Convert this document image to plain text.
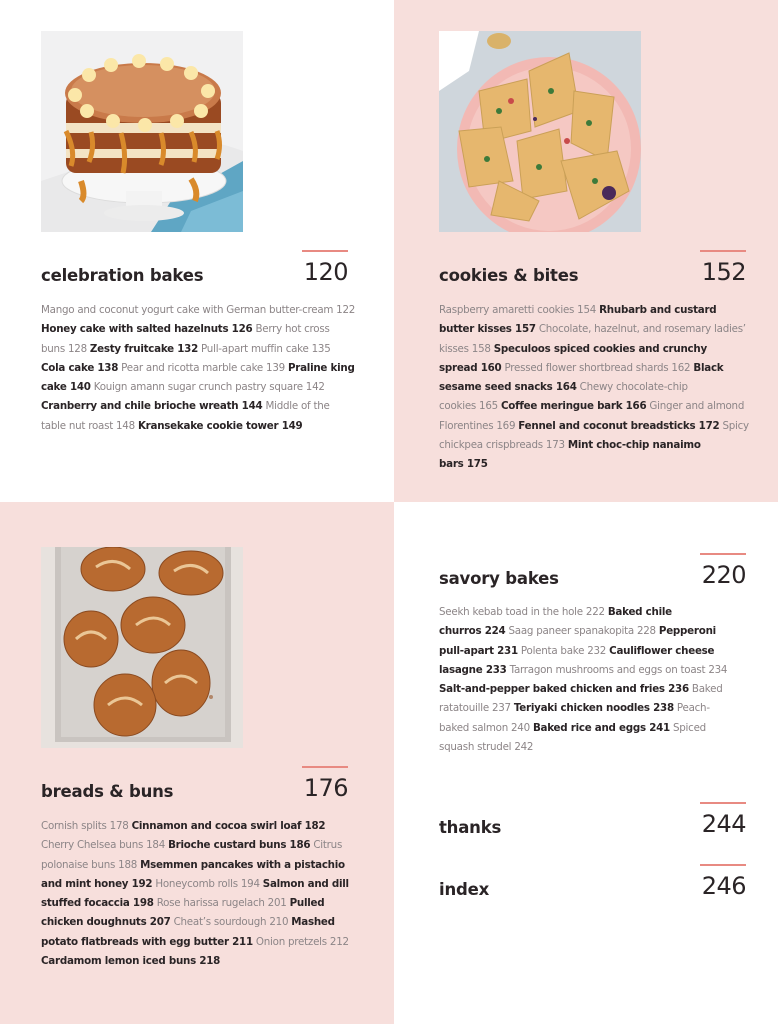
celebration bakes	120
Mango and coconut yogurt cake with German butter-cream 122 Honey cake with salted hazelnuts 126 Berry hot cross buns 128 Zesty fruitcake 132 Pull-apart muffin cake 135 Cola cake 138 Pear and ricotta marble cake 139 Praline king cake 140 Kouign amann sugar crunch pastry square 142 Cranberry and chile brioche wreath 144 Middle of the table nut roast 148 Kransekake cookie tower 149
cookies & bites	152
Raspberry amaretti cookies 154 Rhubarb and custard butter kisses 157 Chocolate, hazelnut, and rosemary ladies’ kisses 158 Speculoos spiced cookies and crunchy spread 160 Pressed flower shortbread shards 162 Black sesame seed snacks 164 Chewy chocolate-chip cookies 165 Coffee meringue bark 166 Ginger and almond Florentines 169 Fennel and coconut breadsticks 172 Spicy chickpea crispbreads 173 Mint choc-chip nanaimo bars 175
breads & buns	176
Cornish splits 178 Cinnamon and cocoa swirl loaf 182 Cherry Chelsea buns 184 Brioche custard buns 186 Citrus polonaise buns 188 Msemmen pancakes with a pistachio and mint honey 192 Honeycomb rolls 194 Salmon and dill stuffed focaccia 198 Rose harissa rugelach 201 Pulled chicken doughnuts 207 Cheat’s sourdough 210 Mashed potato flatbreads with egg butter 211 Onion pretzels 212 Cardamom lemon iced buns 218
savory bakes	220
Seekh kebab toad in the hole 222 Baked chile churros 224 Saag paneer spanakopita 228 Pepperoni pull-apart 231 Polenta bake 232 Cauliflower cheese lasagne 233 Tarragon mushrooms and eggs on toast 234 Salt-and-pepper baked chicken and fries 236 Baked ratatouille 237 Teriyaki chicken noodles 238 Peach-baked salmon 240 Baked rice and eggs 241 Spiced squash strudel 242
thanks	244
index	246
